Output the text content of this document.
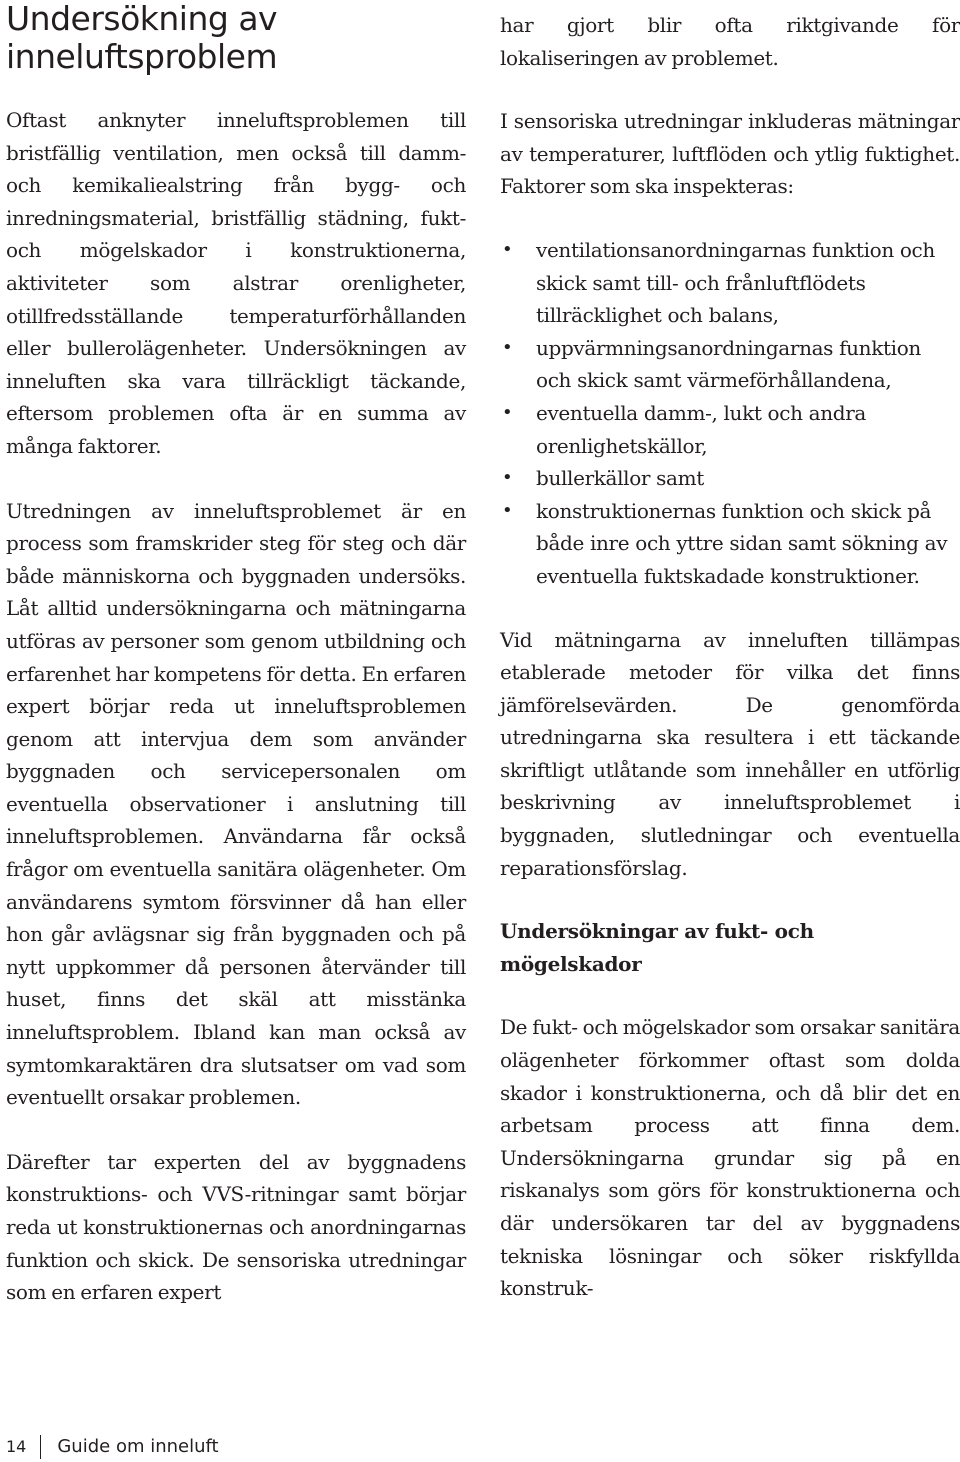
Undersökning av inneluftsproblem

Oftast anknyter inneluftsproblemen till bristfällig ventilation, men också till damm- och kemikaliealstring från bygg- och inredningsmaterial, bristfällig städning, fukt- och mögelskador i konstruktionerna, aktiviteter som alstrar orenligheter, otillfredsställande temperaturförhållanden eller bullerolägenheter. Undersökningen av inneluften ska vara tillräckligt täckande, eftersom problemen ofta är en summa av många faktorer.

Utredningen av inneluftsproblemet är en process som framskrider steg för steg och där både människorna och byggnaden undersöks. Låt alltid undersökningarna och mätningarna utföras av personer som genom utbildning och erfarenhet har kompetens för detta. En erfaren expert börjar reda ut inneluftsproblemen genom att intervjua dem som använder byggnaden och servicepersonalen om eventuella observationer i anslutning till inneluftsproblemen. Användarna får också frågor om eventuella sanitära olägenheter. Om användarens symtom försvinner då han eller hon går avlägsnar sig från byggnaden och på nytt uppkommer då personen återvänder till huset, finns det skäl att misstänka inneluftsproblem. Ibland kan man också av symtomkaraktären dra slutsatser om vad som eventuellt orsakar problemen.

Därefter tar experten del av byggnadens konstruktions- och VVS-ritningar samt börjar reda ut konstruktionernas och anordningarnas funktion och skick. De sensoriska utredningar som en erfaren expert

har gjort blir ofta riktgivande för lokaliseringen av problemet.

I sensoriska utredningar inkluderas mätningar av temperaturer, luftflöden och ytlig fuktighet. Faktorer som ska inspekteras:

• ventilationsanordningarnas funktion och skick samt till- och frånluftflödets tillräcklighet och balans,
• uppvärmningsanordningarnas funktion och skick samt värmeförhållandena,
• eventuella damm-, lukt och andra orenlighetskällor,
• bullerkällor samt
• konstruktionernas funktion och skick på både inre och yttre sidan samt sökning av eventuella fuktskadade konstruktioner.

Vid mätningarna av inneluften tillämpas etablerade metoder för vilka det finns jämförelsevärden. De genomförda utredningarna ska resultera i ett täckande skriftligt utlåtande som innehåller en utförlig beskrivning av inneluftsproblemet i byggnaden, slutledningar och eventuella reparationsförslag.

Undersökningar av fukt- och mögelskador

De fukt- och mögelskador som orsakar sanitära olägenheter förkommer oftast som dolda skador i konstruktionerna, och då blir det en arbetsam process att finna dem. Undersökningarna grundar sig på en riskanalys som görs för konstruktionerna och där undersökaren tar del av byggnadens tekniska lösningar och söker riskfyllda konstruk-

14 Guide om inneluft
